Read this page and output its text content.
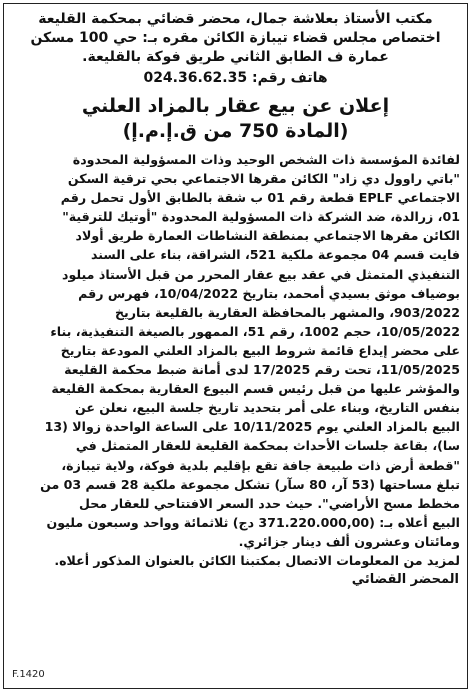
مكتب الأستاذ بعلاشة جمال، محضر قضائي بمحكمة القليعة
اختصاص مجلس قضاء تيبازة الكائن مقره بـ: حي 100 مسكن
عمارة ف الطابق الثاني طريق فوكة بالقليعة.
هاتف رقم: 024.36.62.35
إعلان عن بيع عقار بالمزاد العلني
(المادة 750 من ق.إ.م.إ)
لفائدة المؤسسة ذات الشخص الوحيد وذات المسؤولية المحدودة
"باتي راوول دي زاد" الكائن مقرها الاجتماعي بحي ترقية السكن
الاجتماعي EPLF قطعة رقم 01 ب شقة بالطابق الأول تحمل رقم
01، زرالدة، ضد الشركة ذات المسؤولية المحدودة "أوتيك للترقية"
الكائن مقرها الاجتماعي بمنطقة النشاطات العمارة طريق أولاد
فايت قسم 04 مجموعة ملكية 521، الشراقة، بناء على السند
التنفيذي المتمثل في عقد بيع عقار المحرر من قبل الأستاذ ميلود
بوضياف موثق بسيدي أمحمد، بتاريخ 10/04/2022، فهرس رقم
903/2022، والمشهر بالمحافظة العقارية بالقليعة بتاريخ
10/05/2022، حجم 1002، رقم 51، الممهور بالصيغة التنفيذية، بناء
على محضر إيداع قائمة شروط البيع بالمزاد العلني المودعة بتاريخ
11/05/2025، تحت رقم 17/2025 لدى أمانة ضبط محكمة القليعة
والمؤشر عليها من قبل رئيس قسم البيوع العقارية بمحكمة القليعة
بنفس التاريخ، وبناء على أمر بتحديد تاريخ جلسة البيع، نعلن عن
البيع بالمزاد العلني يوم 10/11/2025 على الساعة الواحدة زوالا (13
سا)، بقاعة جلسات الأحداث بمحكمة القليعة للعقار المتمثل في
"قطعة أرض ذات طبيعة جافة تقع بإقليم بلدية فوكة، ولاية تيبازة،
تبلغ مساحتها (53 آر، 80 سآر) تشكل مجموعة ملكية 28 قسم 03 من
مخطط مسح الأراضي". حيث حدد السعر الافتتاحي للعقار محل
البيع أعلاه بـ: (371.220.000,00 دج) ثلاثمائة وواحد وسبعون مليون
ومائتان وعشرون ألف دينار جزائري.
لمزيد من المعلومات الاتصال بمكتبنا الكائن بالعنوان المذكور أعلاه.
المحضر القضائي
F.1420
